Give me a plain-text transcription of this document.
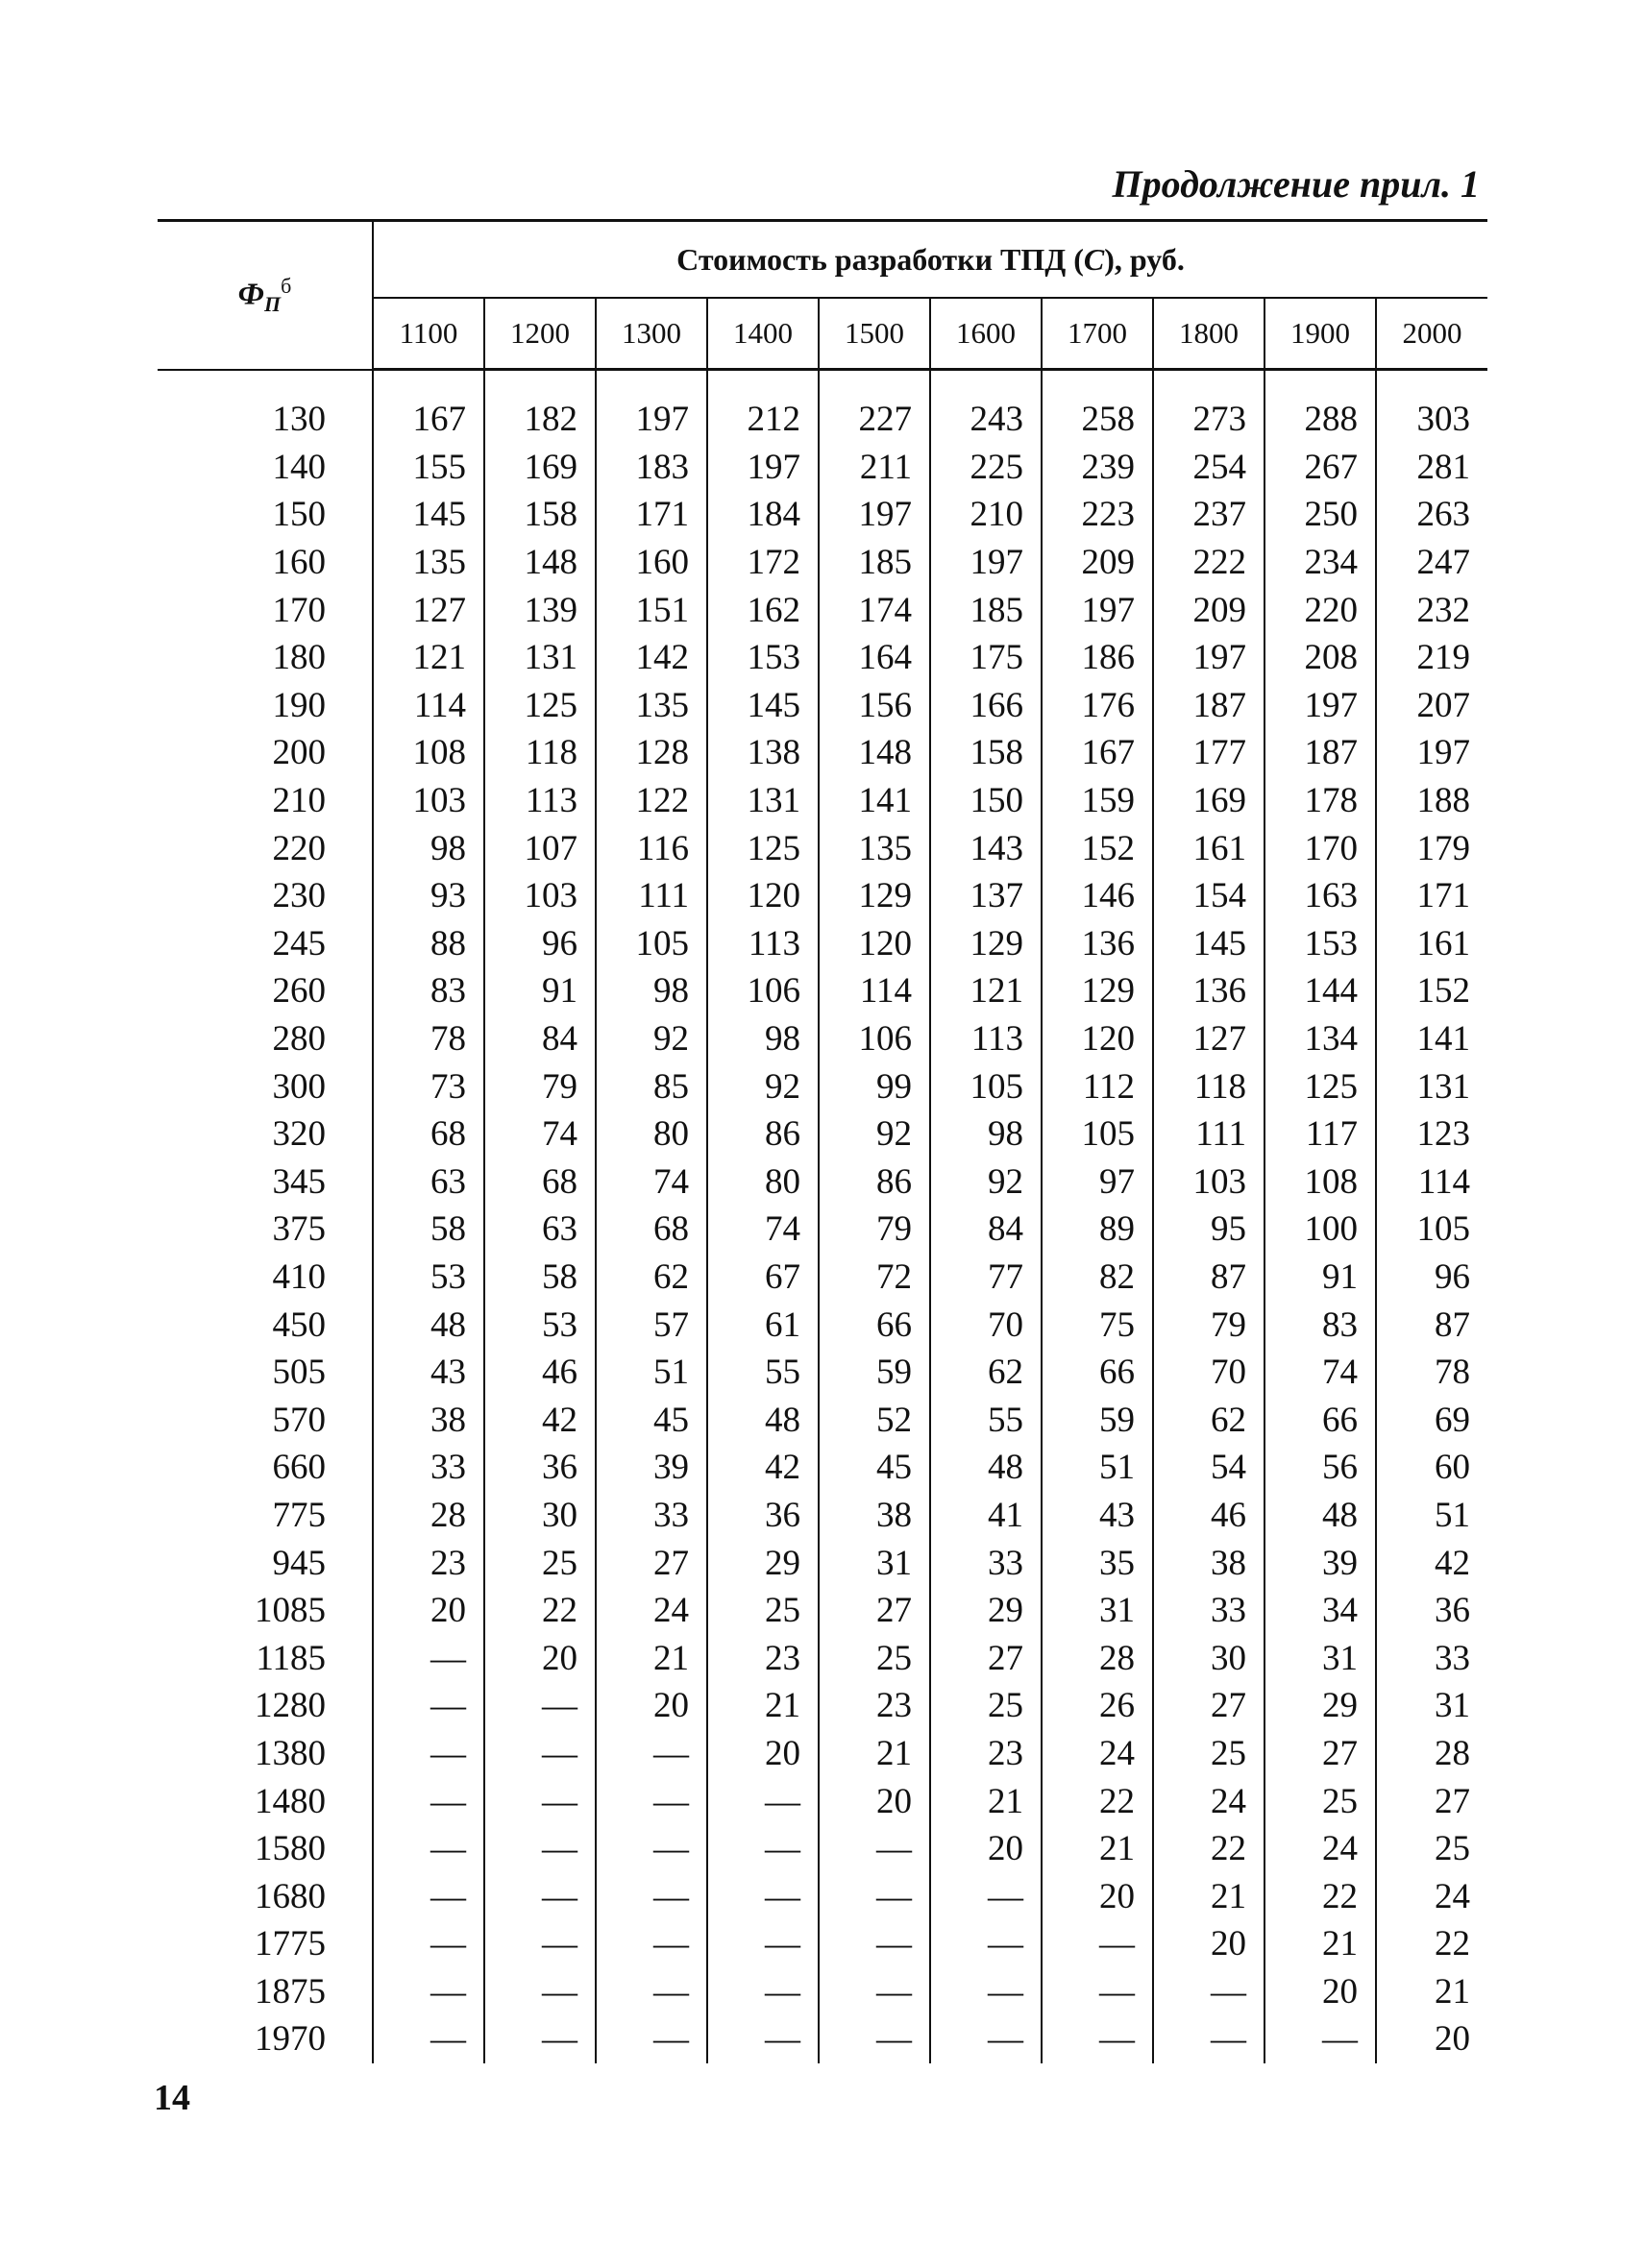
Продолжение прил. 1
$Ф_П^б$	Стоимость разработки ТПД (С), руб.									
	1100	1200	1300	1400	1500	1600	1700	1800	1900	2000
130	167	182	197	212	227	243	258	273	288	303
140	155	169	183	197	211	225	239	254	267	281
150	145	158	171	184	197	210	223	237	250	263
160	135	148	160	172	185	197	209	222	234	247
170	127	139	151	162	174	185	197	209	220	232
180	121	131	142	153	164	175	186	197	208	219
190	114	125	135	145	156	166	176	187	197	207
200	108	118	128	138	148	158	167	177	187	197
210	103	113	122	131	141	150	159	169	178	188
220	98	107	116	125	135	143	152	161	170	179
230	93	103	111	120	129	137	146	154	163	171
245	88	96	105	113	120	129	136	145	153	161
260	83	91	98	106	114	121	129	136	144	152
280	78	84	92	98	106	113	120	127	134	141
300	73	79	85	92	99	105	112	118	125	131
320	68	74	80	86	92	98	105	111	117	123
345	63	68	74	80	86	92	97	103	108	114
375	58	63	68	74	79	84	89	95	100	105
410	53	58	62	67	72	77	82	87	91	96
450	48	53	57	61	66	70	75	79	83	87
505	43	46	51	55	59	62	66	70	74	78
570	38	42	45	48	52	55	59	62	66	69
660	33	36	39	42	45	48	51	54	56	60
775	28	30	33	36	38	41	43	46	48	51
945	23	25	27	29	31	33	35	38	39	42
1085	20	22	24	25	27	29	31	33	34	36
1185	—	20	21	23	25	27	28	30	31	33
1280	—	—	20	21	23	25	26	27	29	31
1380	—	—	—	20	21	23	24	25	27	28
1480	—	—	—	—	20	21	22	24	25	27
1580	—	—	—	—	—	20	21	22	24	25
1680	—	—	—	—	—	—	20	21	22	24
1775	—	—	—	—	—	—	—	20	21	22
1875	—	—	—	—	—	—	—	—	20	21
1970	—	—	—	—	—	—	—	—	—	20
14
